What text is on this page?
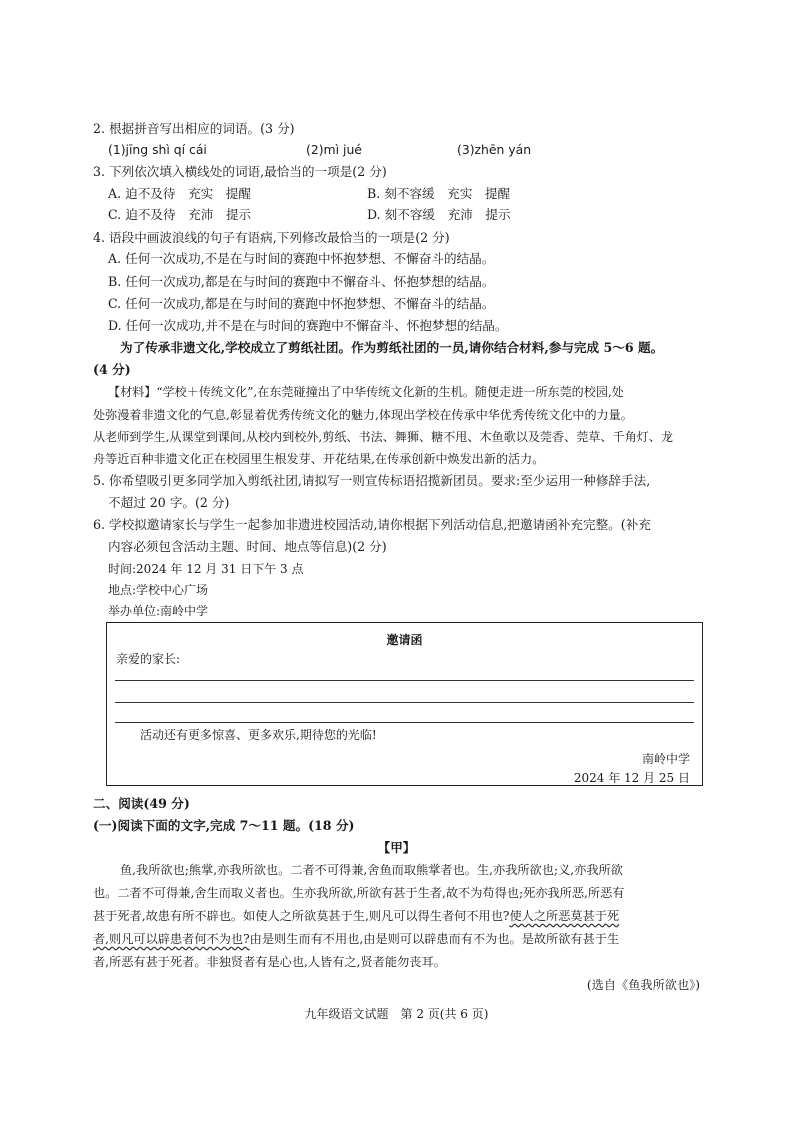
2. 根据拼音写出相应的词语。(3 分)
(1)jīng shì qí cái	(2)mì jué	(3)zhēn yán
3. 下列依次填入横线处的词语,最恰当的一项是(2 分)
A. 迫不及待　充实　提醒	B. 刻不容缓　充实　提醒
C. 迫不及待　充沛　提示	D. 刻不容缓　充沛　提示
4. 语段中画波浪线的句子有语病,下列修改最恰当的一项是(2 分)
A. 任何一次成功,不是在与时间的赛跑中怀抱梦想、不懈奋斗的结晶。
B. 任何一次成功,都是在与时间的赛跑中不懈奋斗、怀抱梦想的结晶。
C. 任何一次成功,都是在与时间的赛跑中怀抱梦想、不懈奋斗的结晶。
D. 任何一次成功,并不是在与时间的赛跑中不懈奋斗、怀抱梦想的结晶。
为了传承非遗文化,学校成立了剪纸社团。作为剪纸社团的一员,请你结合材料,参与完成 5～6 题。
(4 分)
【材料】“学校＋传统文化”,在东莞碰撞出了中华传统文化新的生机。随便走进一所东莞的校园,处
处弥漫着非遗文化的气息,彰显着优秀传统文化的魅力,体现出学校在传承中华优秀传统文化中的力量。
从老师到学生,从课堂到课间,从校内到校外,剪纸、书法、舞狮、糖不甩、木鱼歌以及莞香、莞草、千角灯、龙
舟等近百种非遗文化正在校园里生根发芽、开花结果,在传承创新中焕发出新的活力。
5. 你希望吸引更多同学加入剪纸社团,请拟写一则宣传标语招揽新团员。要求:至少运用一种修辞手法,
不超过 20 字。(2 分)
6. 学校拟邀请家长与学生一起参加非遗进校园活动,请你根据下列活动信息,把邀请函补充完整。(补充
内容必须包含活动主题、时间、地点等信息)(2 分)
时间:2024 年 12 月 31 日下午 3 点
地点:学校中心广场
举办单位:南岭中学
邀请函
亲爱的家长:
活动还有更多惊喜、更多欢乐,期待您的光临!
南岭中学
2024 年 12 月 25 日
二、阅读(49 分)
(一)阅读下面的文字,完成 7～11 题。(18 分)
【甲】
鱼,我所欲也;熊掌,亦我所欲也。二者不可得兼,舍鱼而取熊掌者也。生,亦我所欲也;义,亦我所欲
也。二者不可得兼,舍生而取义者也。生亦我所欲,所欲有甚于生者,故不为苟得也;死亦我所恶,所恶有
甚于死者,故患有所不辟也。如使人之所欲莫甚于生,则凡可以得生者何不用也?使人之所恶莫甚于死
者,则凡可以辟患者何不为也?由是则生而有不用也,由是则可以辟患而有不为也。是故所欲有甚于生
者,所恶有甚于死者。非独贤者有是心也,人皆有之,贤者能勿丧耳。
(选自《鱼我所欲也》)
九年级语文试题　第 2 页(共 6 页)
